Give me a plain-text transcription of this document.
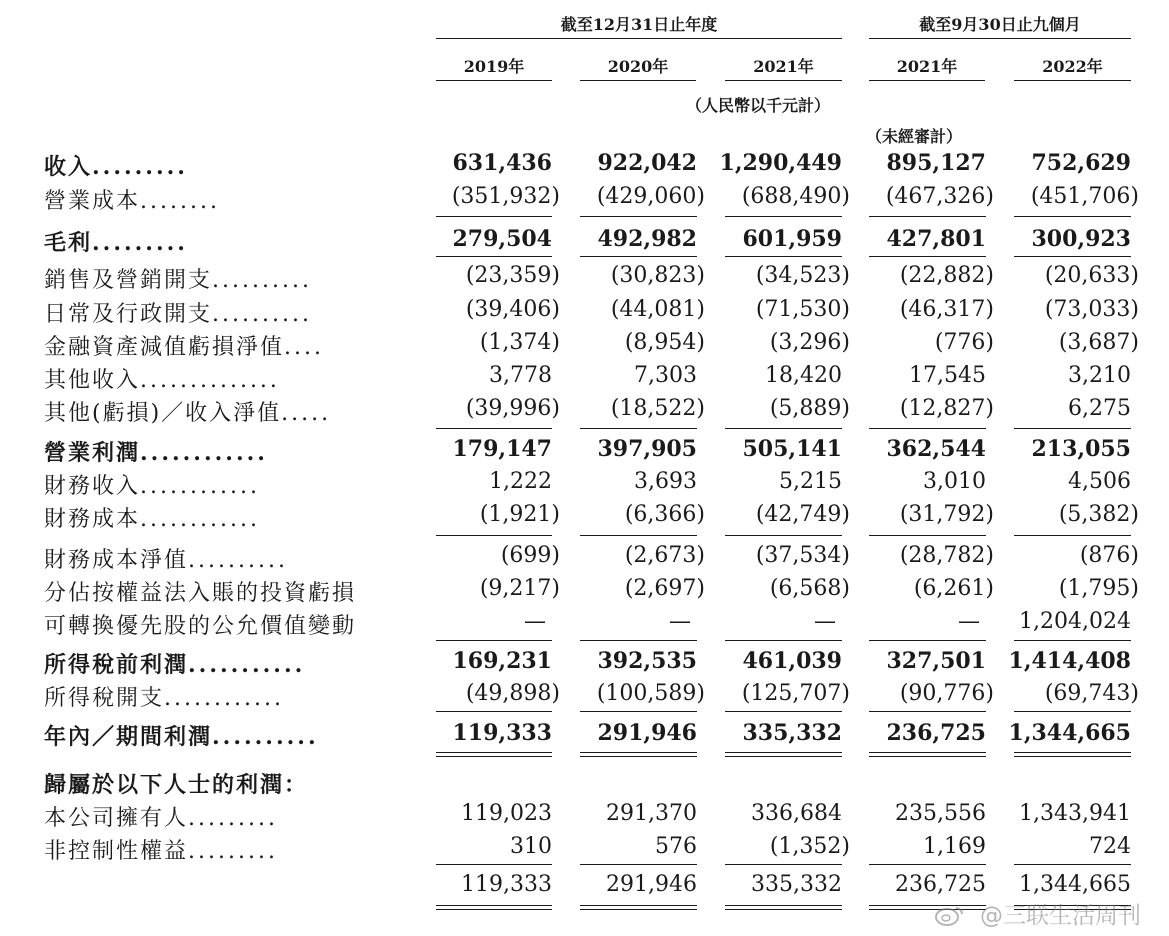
截至12月31日止年度	截至9月30日止九個月
2019年	2020年	2021年	2021年	2022年
（人民幣以千元計）
（未經審計）
收入.........	631,436	922,042	1,290,449	895,127	752,629
營業成本........	(351,932)	(429,060)	(688,490)	(467,326)	(451,706)
毛利.........	279,504	492,982	601,959	427,801	300,923
銷售及營銷開支..........	(23,359)	(30,823)	(34,523)	(22,882)	(20,633)
日常及行政開支..........	(39,406)	(44,081)	(71,530)	(46,317)	(73,033)
金融資產減值虧損淨值....	(1,374)	(8,954)	(3,296)	(776)	(3,687)
其他收入..............	3,778	7,303	18,420	17,545	3,210
其他(虧損)／收入淨值.....	(39,996)	(18,522)	(5,889)	(12,827)	6,275
營業利潤............	179,147	397,905	505,141	362,544	213,055
財務收入............	1,222	3,693	5,215	3,010	4,506
財務成本............	(1,921)	(6,366)	(42,749)	(31,792)	(5,382)
財務成本淨值..........	(699)	(2,673)	(37,534)	(28,782)	(876)
分佔按權益法入賬的投資虧損	(9,217)	(2,697)	(6,568)	(6,261)	(1,795)
可轉換優先股的公允價值變動	—	—	—	—	1,204,024
所得稅前利潤...........	169,231	392,535	461,039	327,501	1,414,408
所得稅開支............	(49,898)	(100,589)	(125,707)	(90,776)	(69,743)
年內／期間利潤..........	119,333	291,946	335,332	236,725	1,344,665
歸屬於以下人士的利潤：
本公司擁有人.........	119,023	291,370	336,684	235,556	1,343,941
非控制性權益.........	310	576	(1,352)	1,169	724
119,333	291,946	335,332	236,725	1,344,665
@三联生活周刊
